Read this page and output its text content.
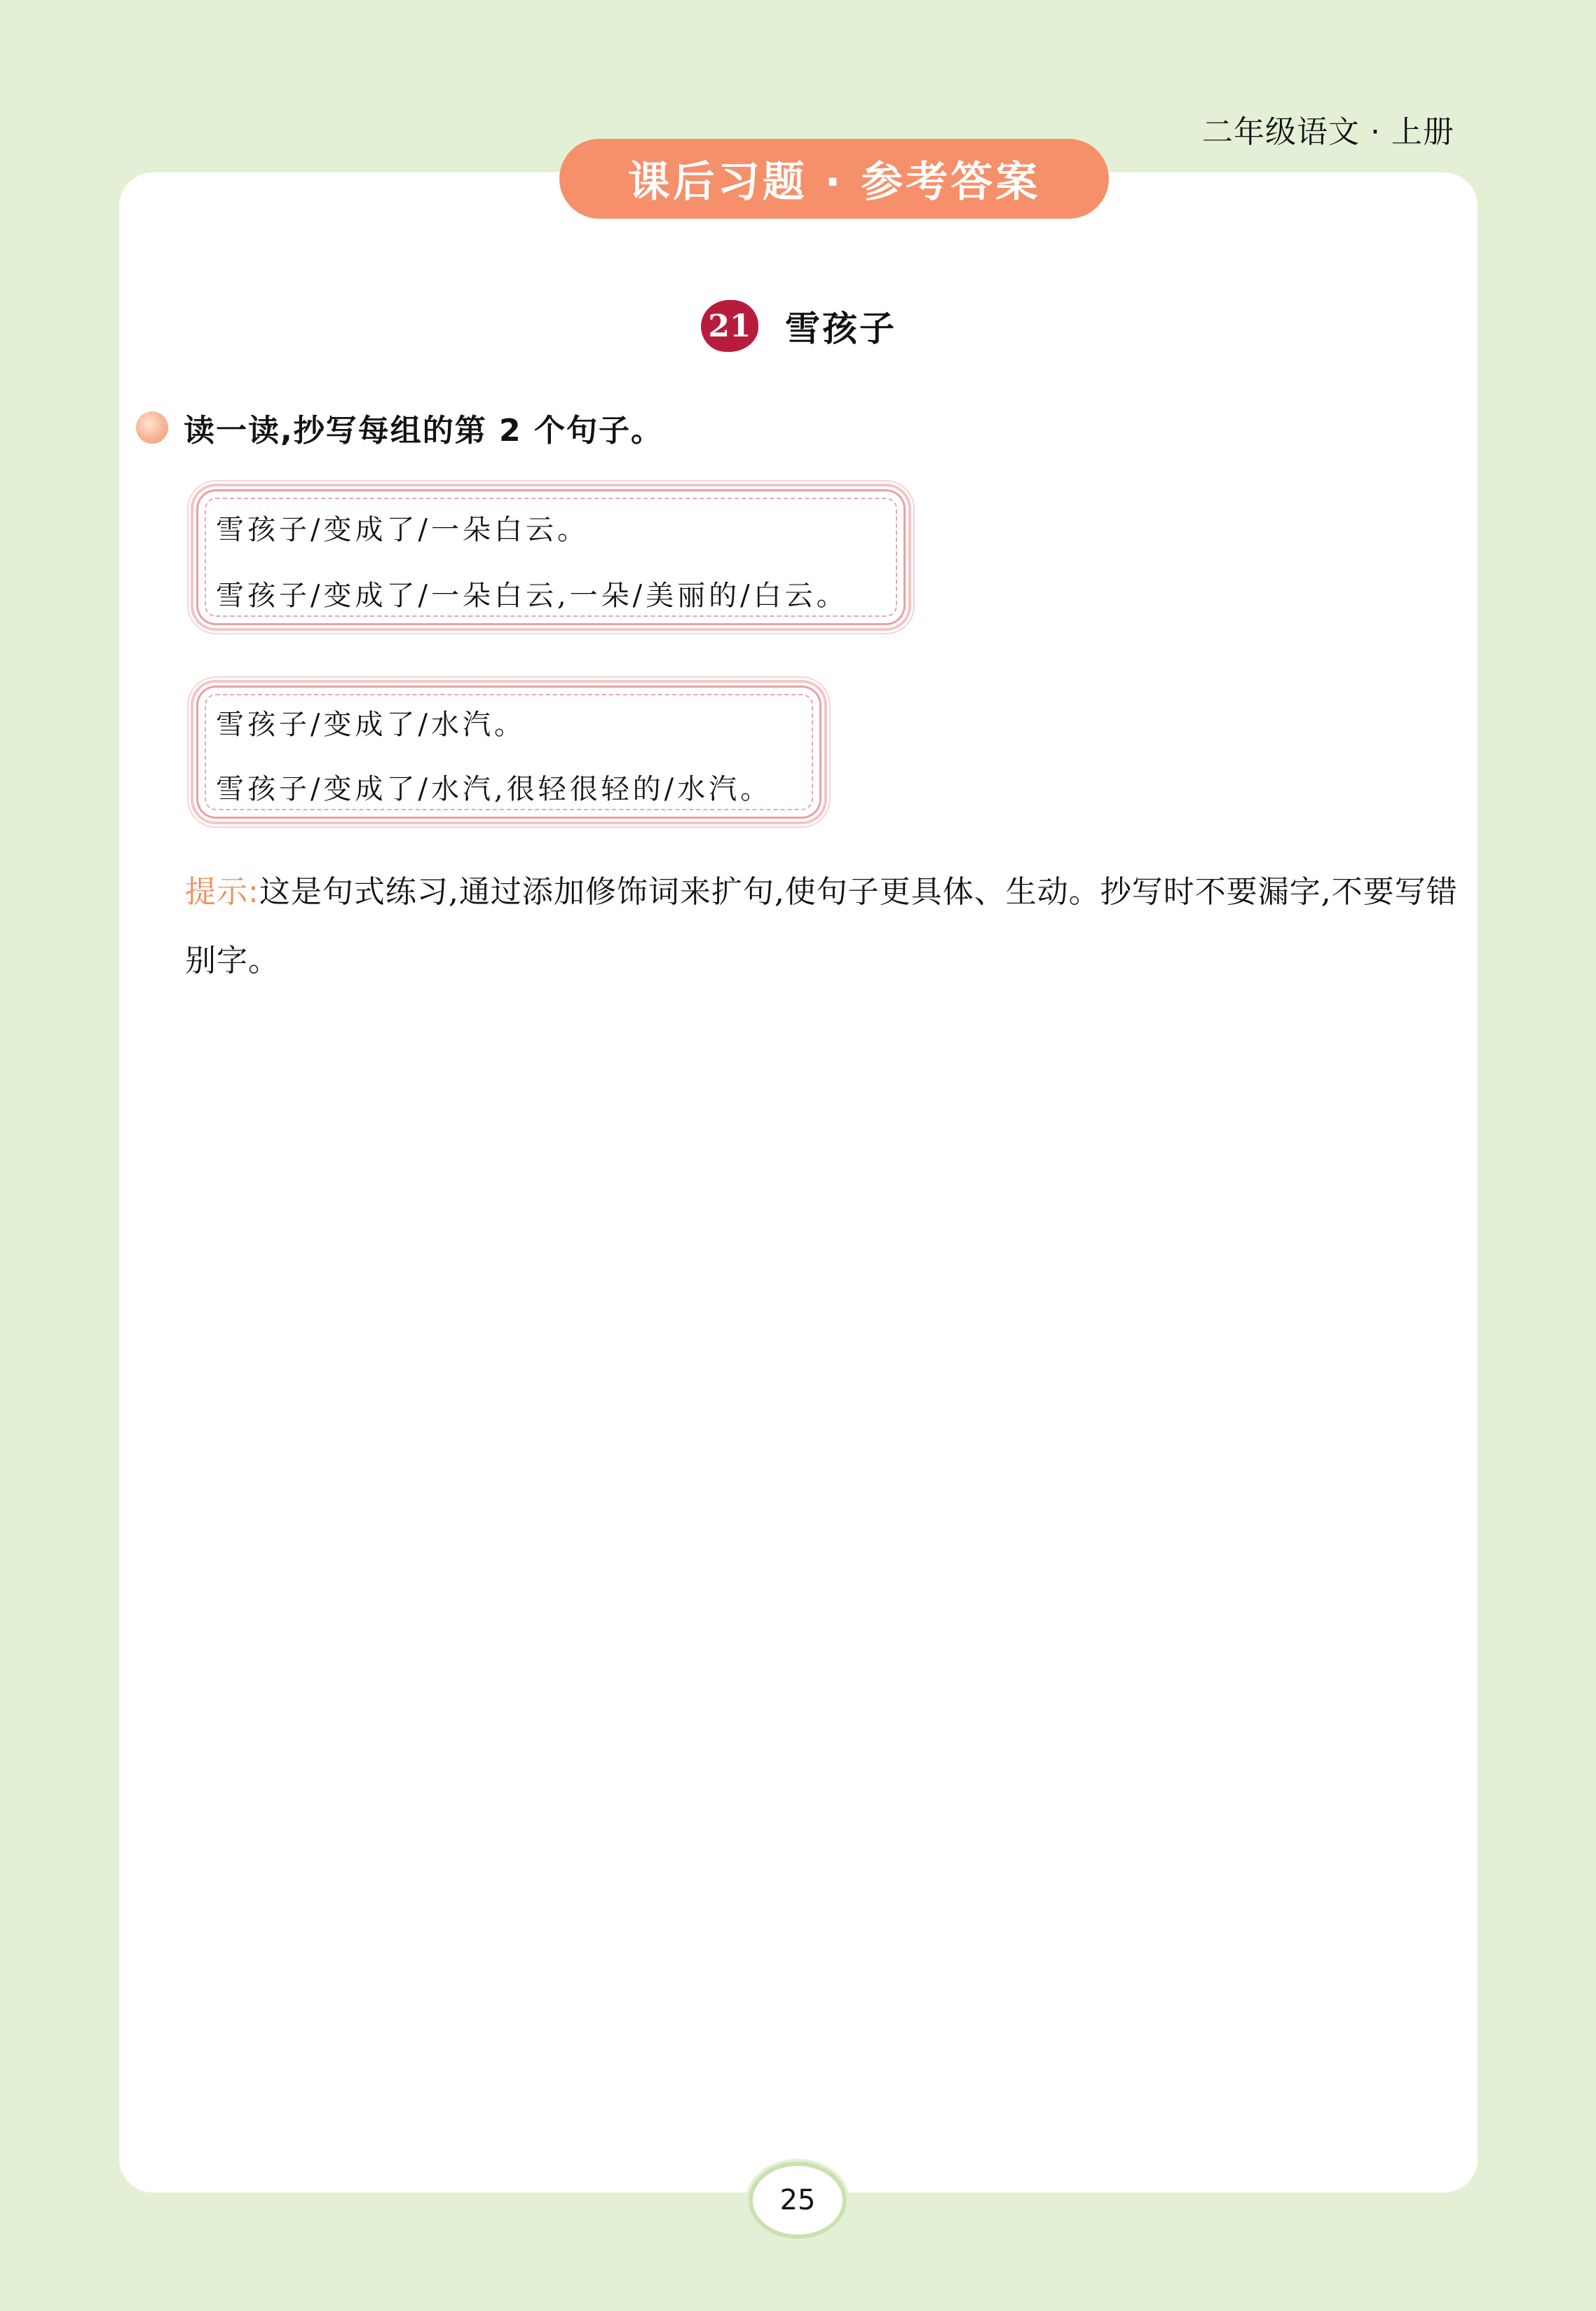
二年级语文 · 上册
课后习题 · 参考答案
21 雪孩子
读一读,抄写每组的第 2 个句子。
雪孩子/变成了/一朵白云。
雪孩子/变成了/一朵白云,一朵/美丽的/白云。
雪孩子/变成了/水汽。
雪孩子/变成了/水汽,很轻很轻的/水汽。
提示:这是句式练习,通过添加修饰词来扩句,使句子更具体、生动。抄写时不要漏字,不要写错别字。
25
